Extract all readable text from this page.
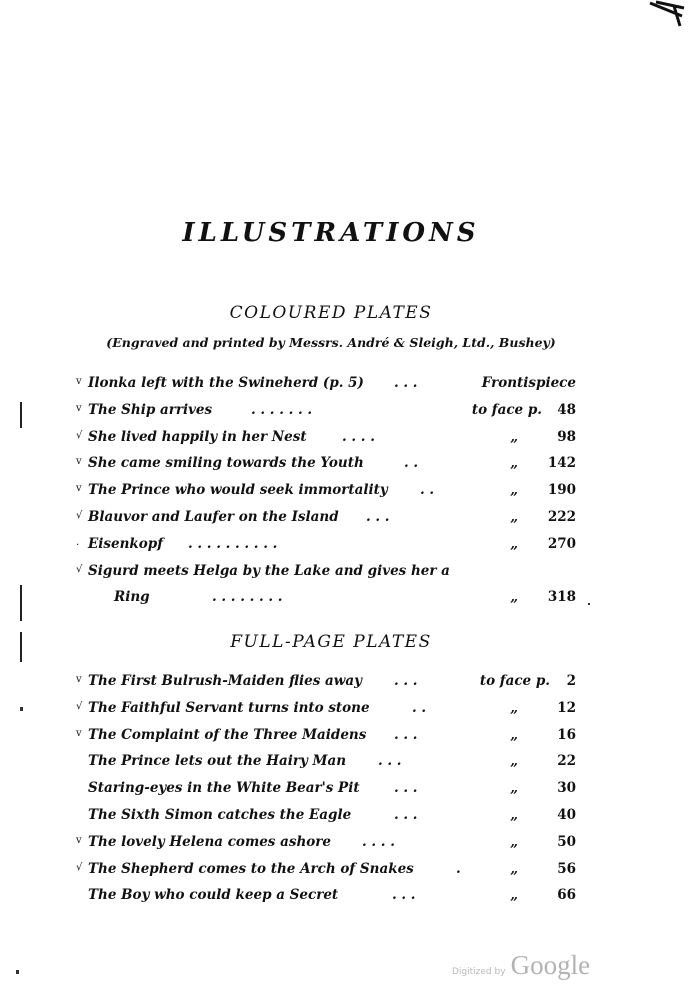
ILLUSTRATIONS
COLOURED PLATES
(Engraved and printed by Messrs. André & Sleigh, Ltd., Bushey)
v Ilonka left with the Swineherd (p. 5) . . .	Frontispiece
v The Ship arrives	. . . . . . .	to face p.	48
√ She lived happily in her Nest	. . . .	„	98
v She came smiling towards the Youth	. .	„	142
v The Prince who would seek immortality . .	„	190
√ Blauvor and Laufer on the Island . . .	„	222
. Eisenkopf . . . . . . . . . .	„	270
√ Sigurd meets Helga by the Lake and gives her a
Ring	. . . . . . . .	„	318
FULL-PAGE PLATES
v The First Bulrush-Maiden flies away . . .	to face p.	2
√ The Faithful Servant turns into stone	. .	„	12
v The Complaint of the Three Maidens . . .	„	16
The Prince lets out the Hairy Man . . .	„	22
Staring-eyes in the White Bear's Pit	. . .	„	30
The Sixth Simon catches the Eagle	. . .	„	40
v The lovely Helena comes ashore . . . .	„	50
√ The Shepherd comes to the Arch of Snakes	.	„	56
The Boy who could keep a Secret	. . .	„	66
Digitized by Google
